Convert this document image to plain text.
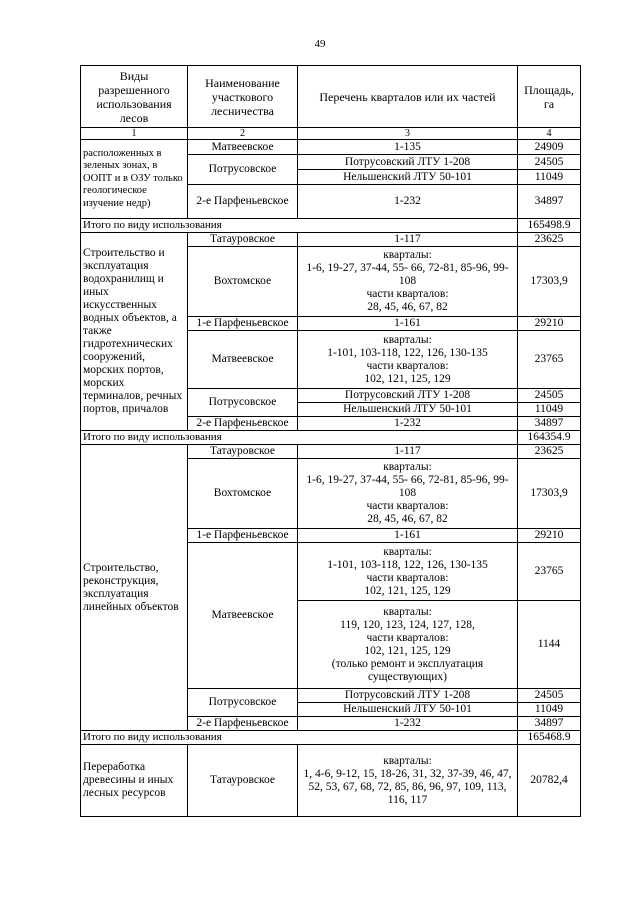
49
Виды разрешенного использования лесов	Наименование участкового лесничества	Перечень кварталов или их частей	Площадь, га
1	2	3	4
расположенных в зеленых зонах, в ООПТ и в ОЗУ только геологическое изучение недр)	Матвеевское	1-135	24909
	Потрусовское	Потрусовский ЛТУ 1-208	24505
		Нельшенский ЛТУ 50-101	11049
	2-е Парфеньевское	1-232	34897
Итого по виду использования			165498.9
Строительство и эксплуатация водохранилищ и иных искусственных водных объектов, а также гидротехнических сооружений, морских портов, морских терминалов, речных портов, причалов	Татауровское	1-117	23625
	Вохтомское	кварталы:
1-6, 19-27, 37-44, 55- 66, 72-81, 85-96, 99-108
части кварталов:
28, 45, 46, 67, 82	17303,9
	1-е Парфеньевское	1-161	29210
	Матвеевское	кварталы:
1-101, 103-118, 122, 126, 130-135
части кварталов:
102, 121, 125, 129	23765
	Потрусовское	Потрусовский ЛТУ 1-208	24505
		Нельшенский ЛТУ 50-101	11049
	2-е Парфеньевское	1-232	34897
Итого по виду использования			164354.9
Строительство, реконструкция, эксплуатация линейных объектов	Татауровское	1-117	23625
	Вохтомское	кварталы:
1-6, 19-27, 37-44, 55- 66, 72-81, 85-96, 99-108
части кварталов:
28, 45, 46, 67, 82	17303,9
	1-е Парфеньевское	1-161	29210
	Матвеевское	кварталы:
1-101, 103-118, 122, 126, 130-135
части кварталов:
102, 121, 125, 129	23765
		кварталы:
119, 120, 123, 124, 127, 128,
части кварталов:
102, 121, 125, 129
(только ремонт и эксплуатация существующих)	1144
	Потрусовское	Потрусовский ЛТУ 1-208	24505
		Нельшенский ЛТУ 50-101	11049
	2-е Парфеньевское	1-232	34897
Итого по виду использования			165468.9
Переработка древесины и иных лесных ресурсов	Татауровское	кварталы:
1, 4-6, 9-12, 15, 18-26, 31, 32, 37-39, 46, 47, 52, 53, 67, 68, 72, 85, 86, 96, 97, 109, 113, 116, 117	20782,4
